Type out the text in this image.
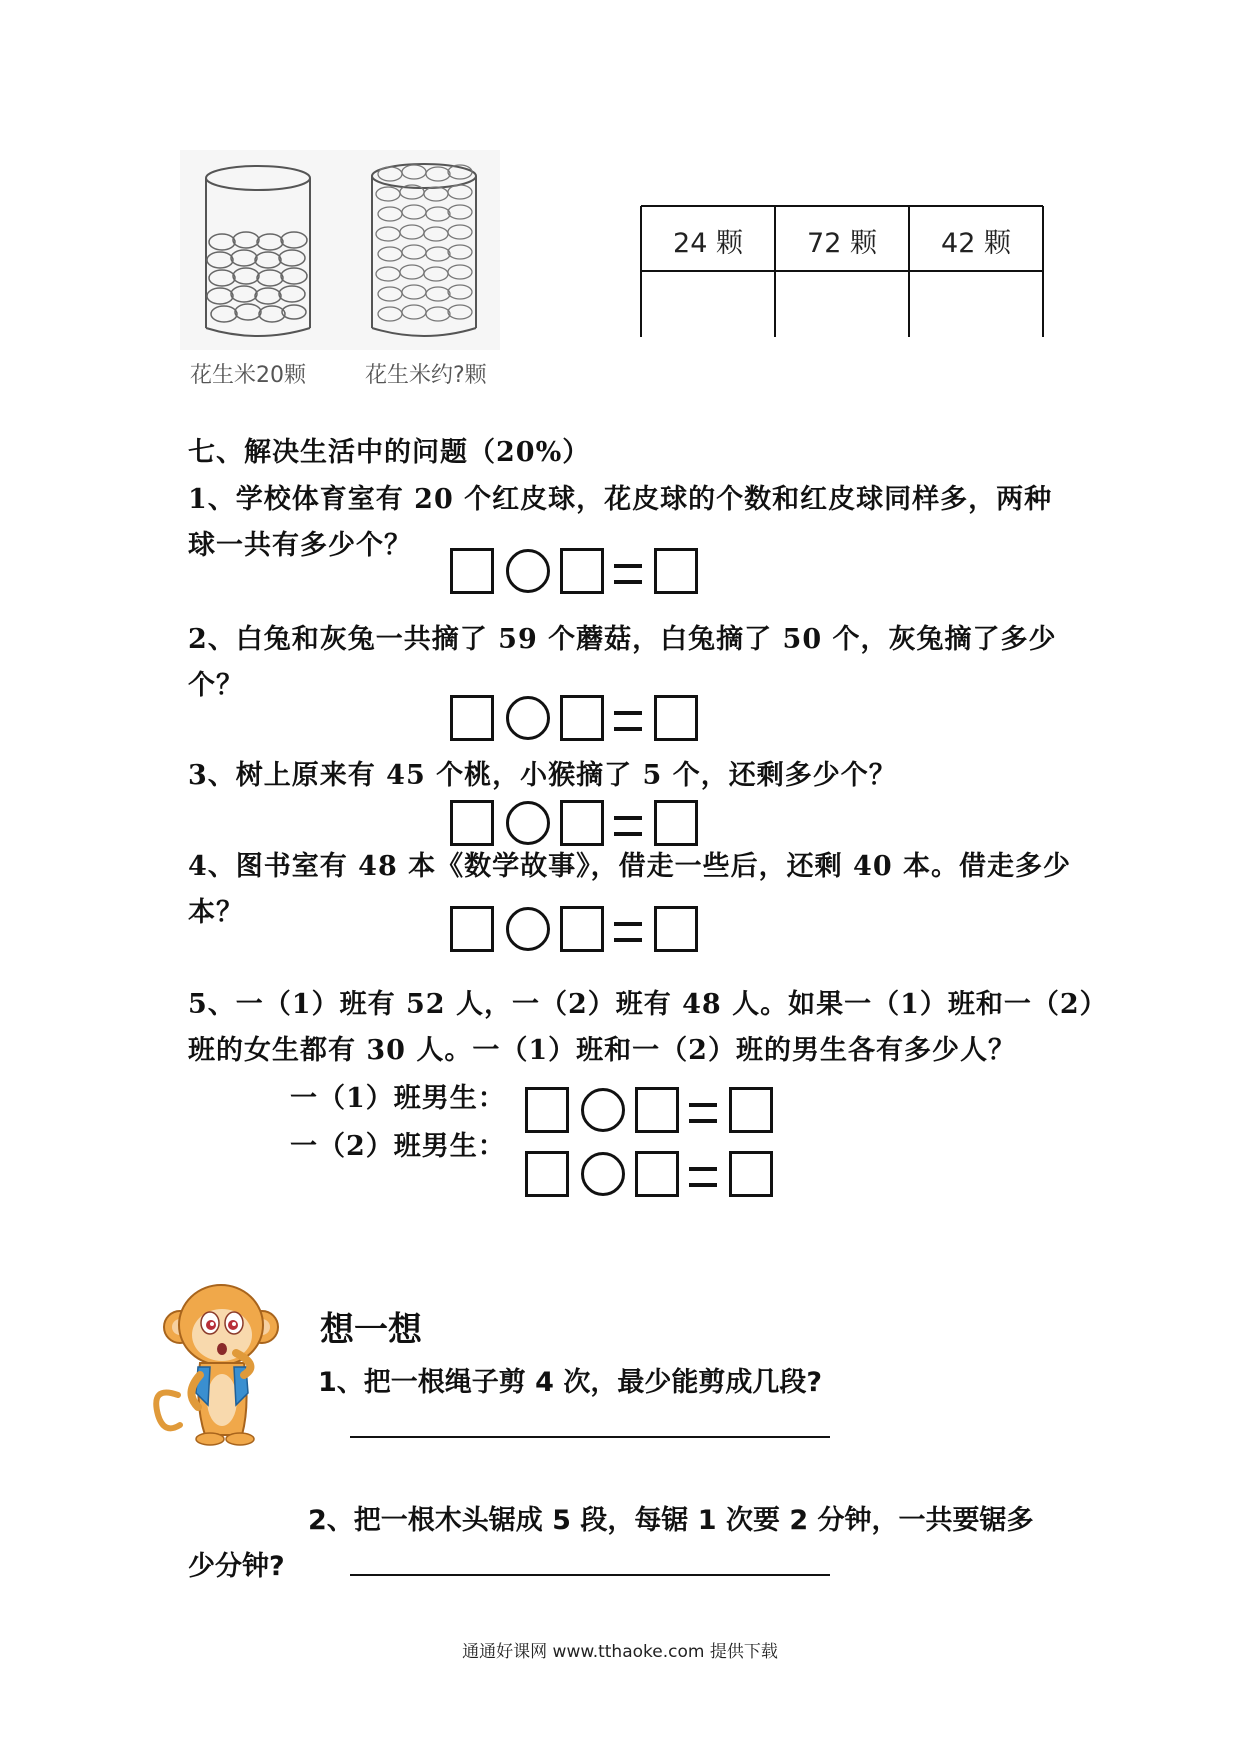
花生米20颗	花生米约?颗
24 颗	72 颗	42 颗
七、解决生活中的问题（20%）
1、学校体育室有 20 个红皮球，花皮球的个数和红皮球同样多，两种
球一共有多少个？
2、白兔和灰兔一共摘了 59 个蘑菇，白兔摘了 50 个，灰兔摘了多少
个？
3、树上原来有 45 个桃，小猴摘了 5 个，还剩多少个？
4、图书室有 48 本《数学故事》，借走一些后，还剩 40 本。借走多少
本？
5、一（1）班有 52 人，一（2）班有 48 人。如果一（1）班和一（2）
班的女生都有 30 人。一（1）班和一（2）班的男生各有多少人？
一（1）班男生：
一（2）班男生：
想一想
1、把一根绳子剪 4 次，最少能剪成几段?
2、把一根木头锯成 5 段，每锯 1 次要 2 分钟，一共要锯多
少分钟?
通通好课网 www.tthaoke.com 提供下载
